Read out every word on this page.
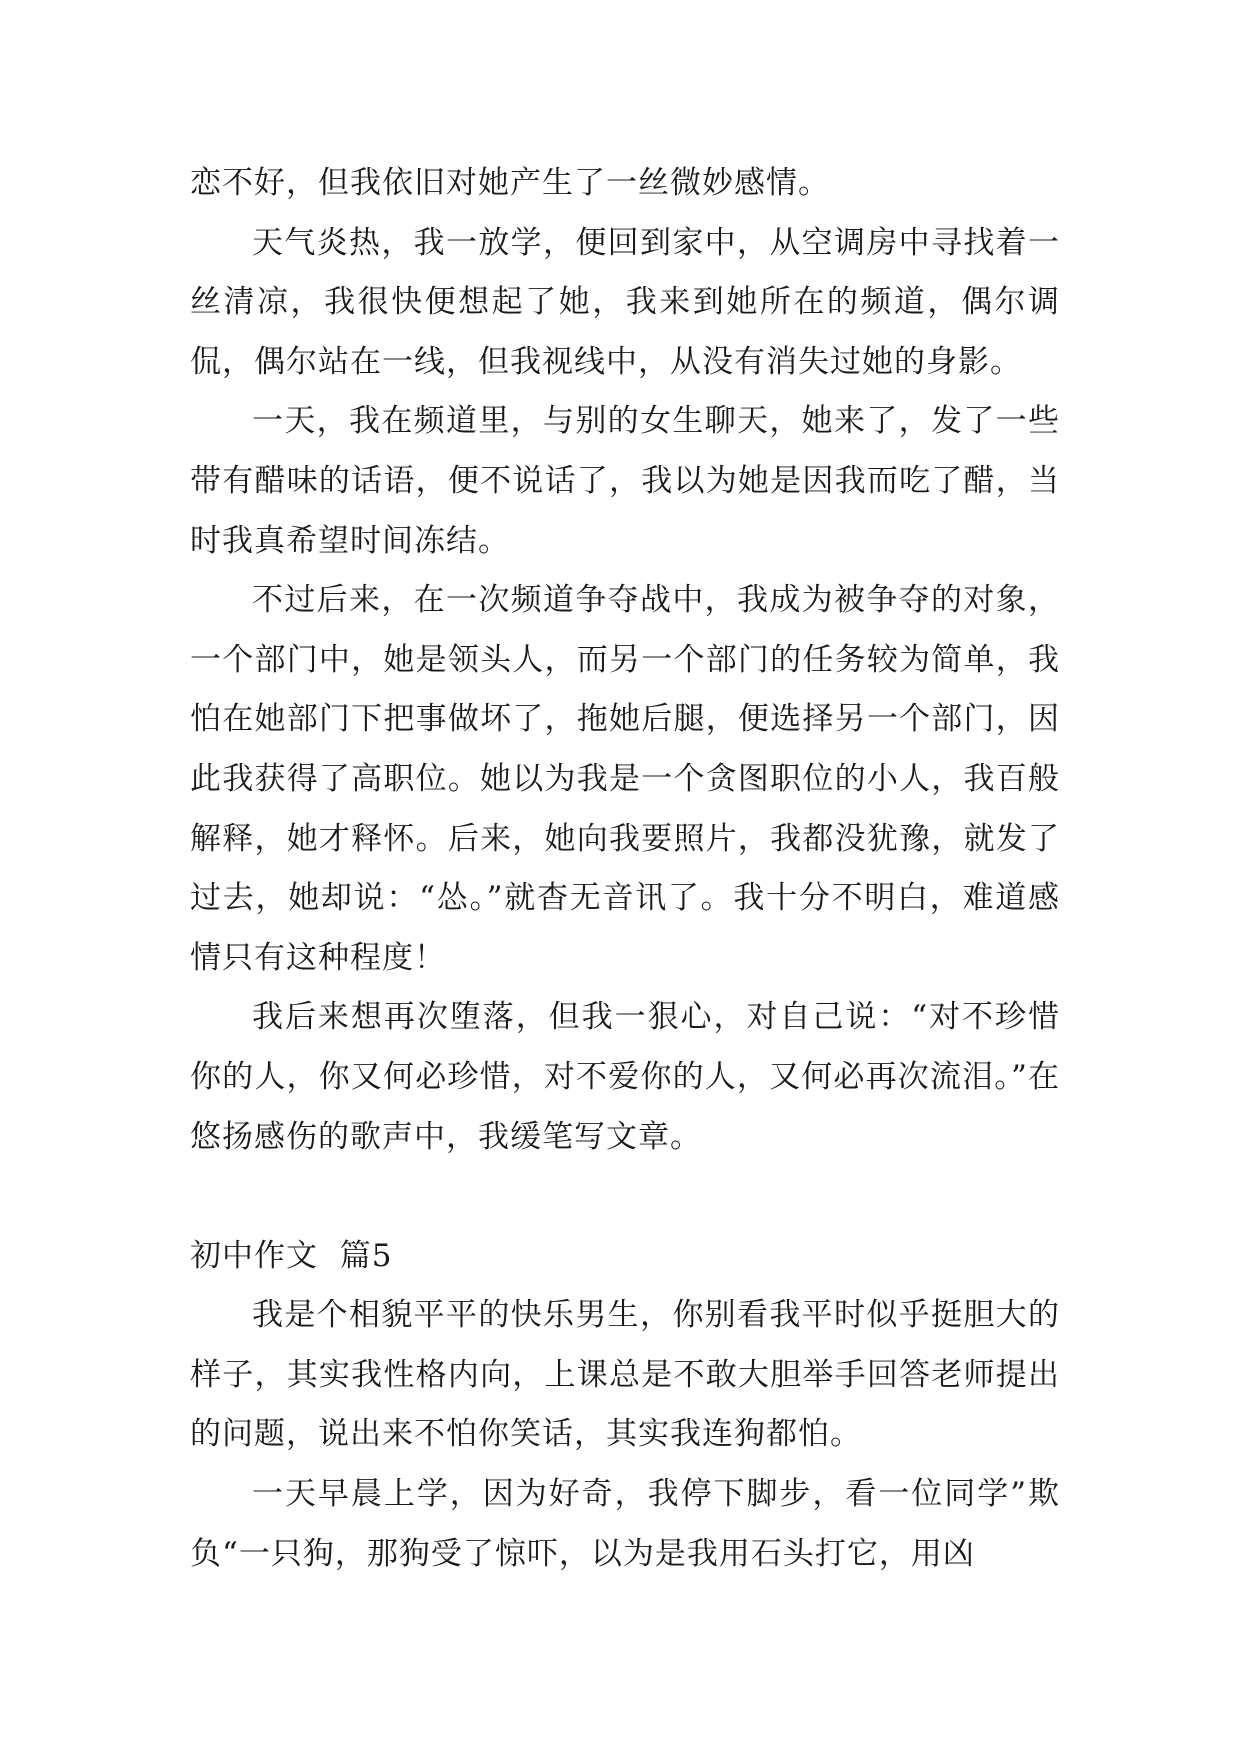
恋不好，但我依旧对她产生了一丝微妙感情。

天气炎热，我一放学，便回到家中，从空调房中寻找着一丝清凉，我很快便想起了她，我来到她所在的频道，偶尔调侃，偶尔站在一线，但我视线中，从没有消失过她的身影。

一天，我在频道里，与别的女生聊天，她来了，发了一些带有醋味的话语，便不说话了，我以为她是因我而吃了醋，当时我真希望时间冻结。

不过后来，在一次频道争夺战中，我成为被争夺的对象，一个部门中，她是领头人，而另一个部门的任务较为简单，我怕在她部门下把事做坏了，拖她后腿，便选择另一个部门，因此我获得了高职位。她以为我是一个贪图职位的小人，我百般解释，她才释怀。后来，她向我要照片，我都没犹豫，就发了过去，她却说：“怂。”就杳无音讯了。我十分不明白，难道感情只有这种程度！

我后来想再次堕落，但我一狠心，对自己说：“对不珍惜你的人，你又何必珍惜，对不爱你的人，又何必再次流泪。”在悠扬感伤的歌声中，我缓笔写文章。

初中作文  篇5

我是个相貌平平的快乐男生，你别看我平时似乎挺胆大的样子，其实我性格内向，上课总是不敢大胆举手回答老师提出的问题，说出来不怕你笑话，其实我连狗都怕。

一天早晨上学，因为好奇，我停下脚步，看一位同学”欺负“一只狗，那狗受了惊吓，以为是我用石头打它，用凶
